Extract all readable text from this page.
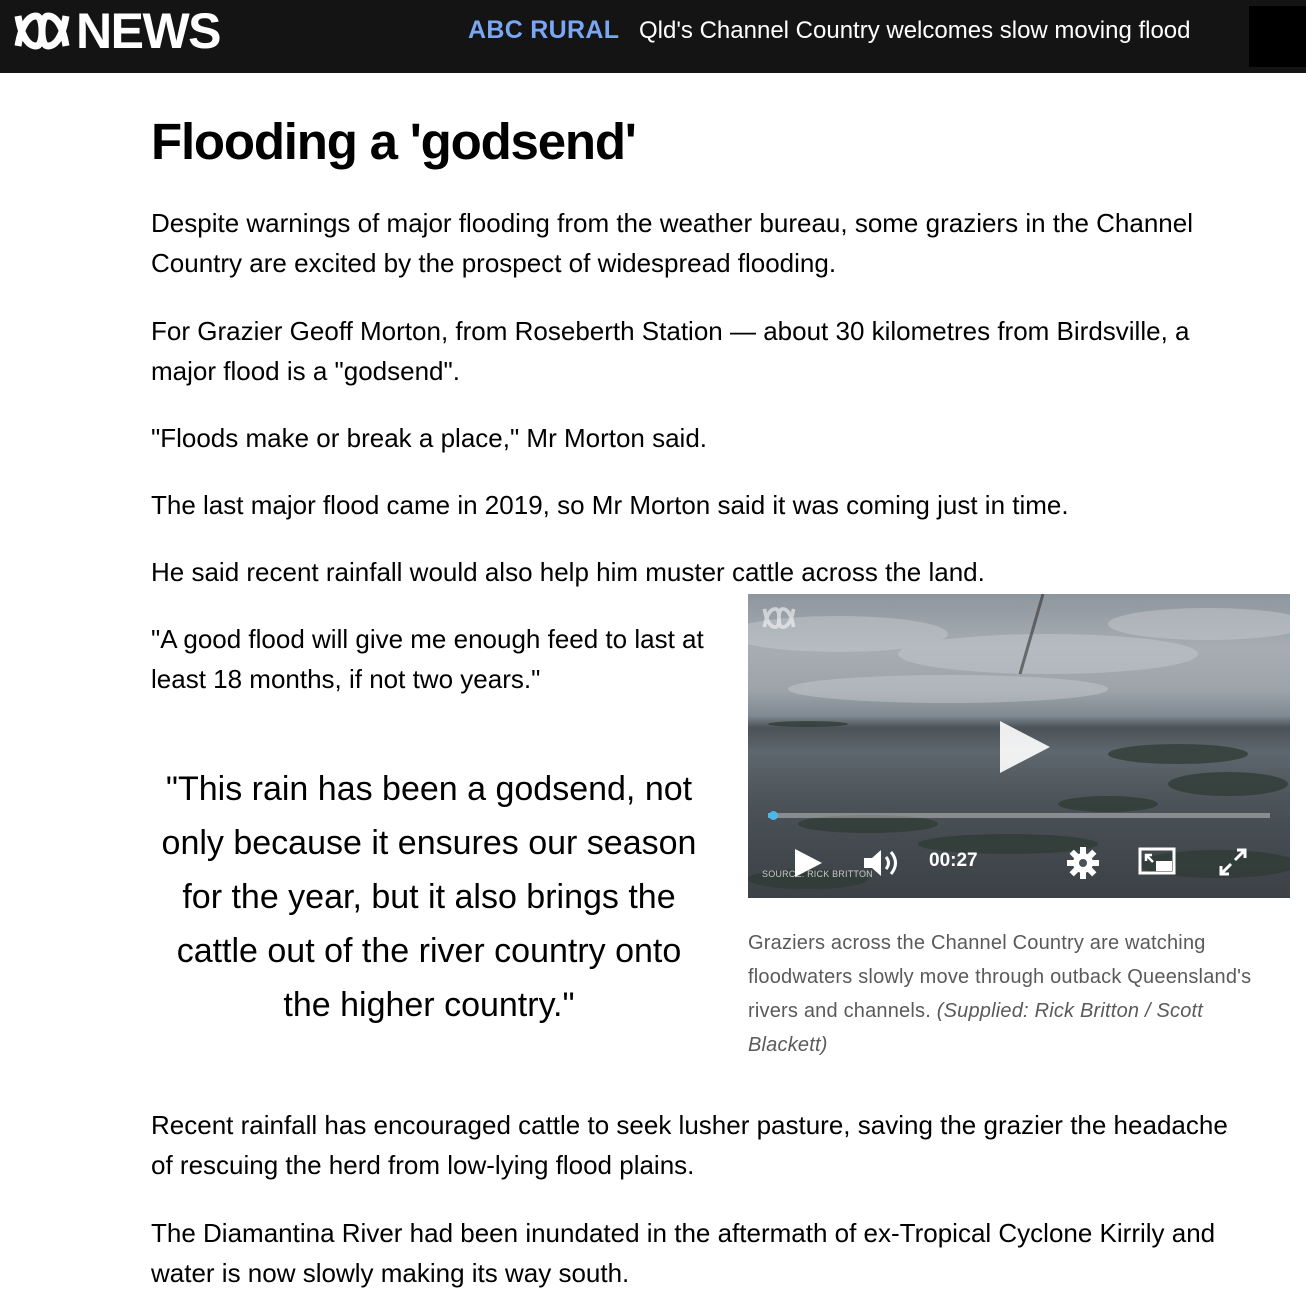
NEWS	ABC RURAL Qld's Channel Country welcomes slow moving flood
Flooding a 'godsend'

Despite warnings of major flooding from the weather bureau, some graziers in the Channel Country are excited by the prospect of widespread flooding.

For Grazier Geoff Morton, from Roseberth Station — about 30 kilometres from Birdsville, a major flood is a "godsend".

"Floods make or break a place," Mr Morton said.

The last major flood came in 2019, so Mr Morton said it was coming just in time.

He said recent rainfall would also help him muster cattle across the land.

"A good flood will give me enough feed to last at least 18 months, if not two years."

"This rain has been a godsend, not only because it ensures our season for the year, but it also brings the cattle out of the river country onto the higher country."

Recent rainfall has encouraged cattle to seek lusher pasture, saving the grazier the headache of rescuing the herd from low-lying flood plains.

The Diamantina River had been inundated in the aftermath of ex-Tropical Cyclone Kirrily and water is now slowly making its way south.

00:27
SOURCE: RICK BRITTON

Graziers across the Channel Country are watching floodwaters slowly move through outback Queensland's rivers and channels. (Supplied: Rick Britton / Scott Blackett)
